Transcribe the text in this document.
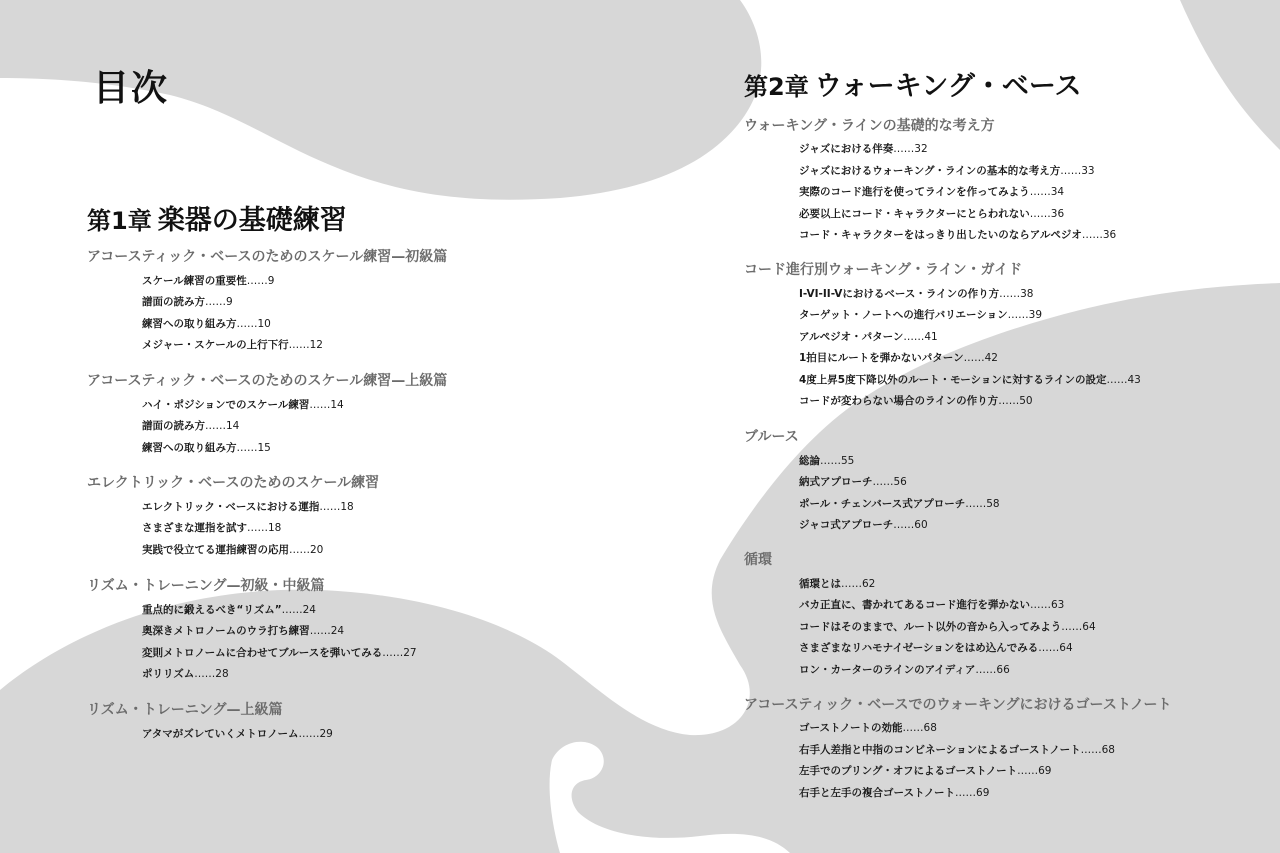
目次
第1章 楽器の基礎練習
アコースティック・ベースのためのスケール練習—初級篇
スケール練習の重要性……9
譜面の読み方……9
練習への取り組み方……10
メジャー・スケールの上行下行……12
アコースティック・ベースのためのスケール練習—上級篇
ハイ・ポジションでのスケール練習……14
譜面の読み方……14
練習への取り組み方……15
エレクトリック・ベースのためのスケール練習
エレクトリック・ベースにおける運指……18
さまざまな運指を試す……18
実践で役立てる運指練習の応用……20
リズム・トレーニング—初級・中級篇
重点的に鍛えるべき“リズム”……24
奥深きメトロノームのウラ打ち練習……24
変則メトロノームに合わせてブルースを弾いてみる……27
ポリリズム……28
リズム・トレーニング—上級篇
アタマがズレていくメトロノーム……29
第2章 ウォーキング・ベース
ウォーキング・ラインの基礎的な考え方
ジャズにおける伴奏……32
ジャズにおけるウォーキング・ラインの基本的な考え方……33
実際のコード進行を使ってラインを作ってみよう……34
必要以上にコード・キャラクターにとらわれない……36
コード・キャラクターをはっきり出したいのならアルペジオ……36
コード進行別ウォーキング・ライン・ガイド
I-VI-II-Vにおけるベース・ラインの作り方……38
ターゲット・ノートへの進行バリエーション……39
アルペジオ・パターン……41
1拍目にルートを弾かないパターン……42
4度上昇5度下降以外のルート・モーションに対するラインの設定……43
コードが変わらない場合のラインの作り方……50
ブルース
総論……55
納式アプローチ……56
ポール・チェンバース式アプローチ……58
ジャコ式アプローチ……60
循環
循環とは……62
バカ正直に、書かれてあるコード進行を弾かない……63
コードはそのままで、ルート以外の音から入ってみよう……64
さまざまなリハモナイゼーションをはめ込んでみる……64
ロン・カーターのラインのアイディア……66
アコースティック・ベースでのウォーキングにおけるゴーストノート
ゴーストノートの効能……68
右手人差指と中指のコンビネーションによるゴーストノート……68
左手でのプリング・オフによるゴーストノート……69
右手と左手の複合ゴーストノート……69
